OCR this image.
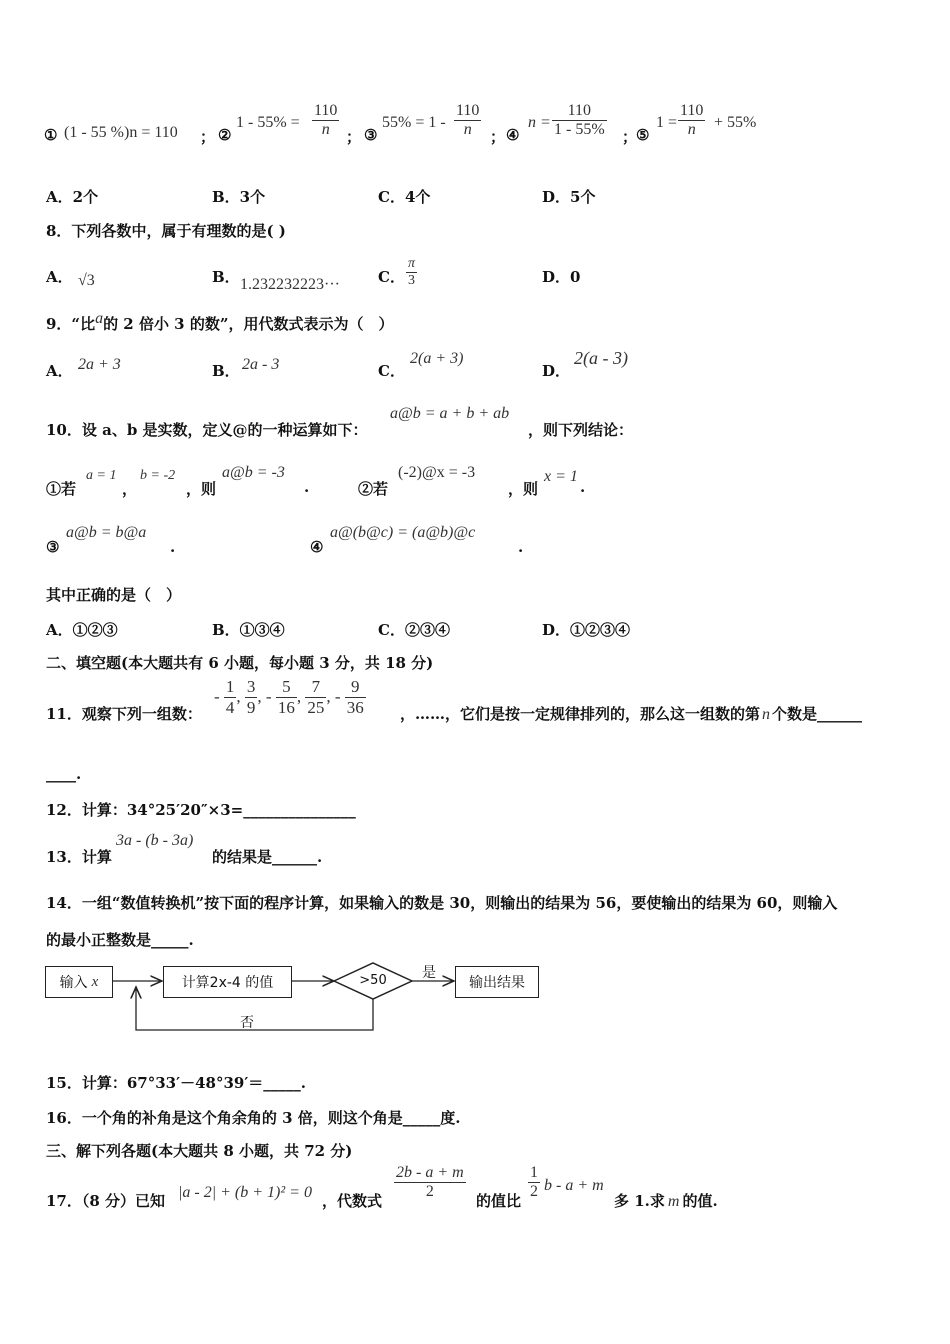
① (1 - 55 %)n = 110 ； ②
$1 - 55\% = \frac{110}{n}$ ； ③
$55\% = 1 - \frac{110}{n}$ ； ④
$n = \frac{110}{1 - 55\%}$ ；
⑤
$1 = \frac{110}{n} + 55\%$
A．2个	B．3个	C．4个	D．5个
8．下列各数中，属于有理数的是( )
A． √3	B． 1.232232223···	C． $\frac{\pi}{3}$	D．0
9．“比a的 2 倍小 3 的数”，用代数式表示为（　）
A． 2a + 3	B． 2a - 3	C．
2(a + 3)
D．
2(a - 3)
10．设 a、b 是实数，定义@的一种运算如下：
a@b = a + b + ab
，则下列结论：
①若
a = 1
，
b = -2
，则
a@b = -3
.	②若
(-2)@x = -3
，则
x = 1
.
③
a@b = b@a
.	④
a@(b@c) = (a@b)@c
.
其中正确的是（　）
A．①②③	B．①③④	C．②③④	D．①②③④
二、填空题(本大题共有 6 小题，每小题 3 分，共 18 分)
11．观察下列一组数：
- $\frac{1}{4}$ , $\frac{3}{9}$ , - $\frac{5}{16}$ , $\frac{7}{25}$ , - $\frac{9}{36}$ ，……，它们是按一定规律排列的，那么这一组数的第 n 个数是______
____.
12．计算：34°25′20″×3=_______________
13．计算
3a - (b - 3a)
的结果是______.
14．一组“数值转换机”按下面的程序计算，如果输入的数是 30，则输出的结果为 56，要使输出的结果为 60，则输入
的最小正整数是_____.
输入 x	计算2x-4 的值	>50	是
输出结果
否
15．计算：67°33′－48°39′＝_____.
16．一个角的补角是这个角余角的 3 倍，则这个角是_____度.
三、解下列各题(本大题共 8 小题，共 72 分)
17．（8 分）已知 |a - 2| + (b + 1)² = 0 ，代数式 $\frac{2b - a + m}{2}$ 的值比 $\frac{1}{2}$ b - a + m
多 1.求 m 的值.
